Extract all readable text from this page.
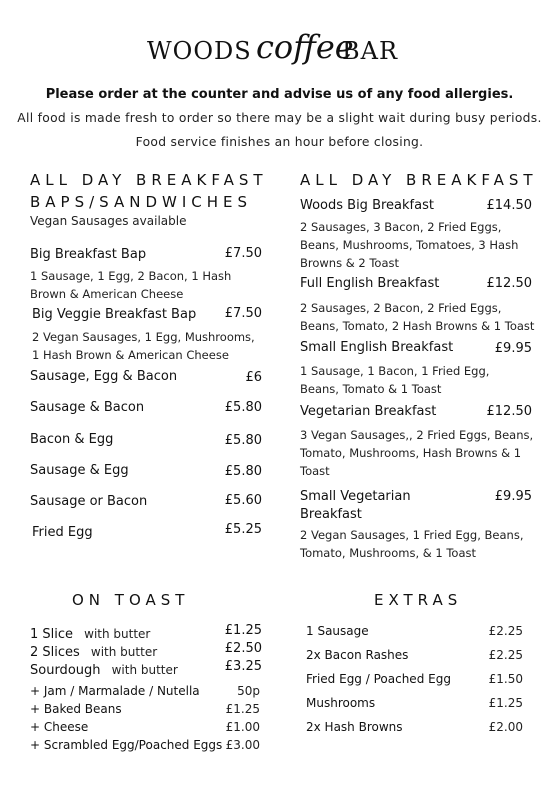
WOODS coffee
BAR
Please order at the counter and advise us of any food allergies.
All food is made fresh to order so there may be a slight wait during busy periods.
Food service finishes an hour before closing.
ALL DAY BREAKFAST
BAPS/SANDWICHES
Vegan Sausages available
Big Breakfast Bap	£7.50
1 Sausage, 1 Egg, 2 Bacon, 1 Hash Brown & American Cheese
Big Veggie Breakfast Bap	£7.50
2 Vegan Sausages, 1 Egg, Mushrooms, 1 Hash Brown & American Cheese
Sausage, Egg & Bacon	£6
Sausage & Bacon	£5.80
Bacon & Egg	£5.80
Sausage & Egg	£5.80
Sausage or Bacon	£5.60
Fried Egg	£5.25
ALL DAY BREAKFAST
Woods Big Breakfast	£14.50
2 Sausages, 3 Bacon, 2 Fried Eggs, Beans, Mushrooms, Tomatoes, 3 Hash Browns & 2 Toast
Full English Breakfast	£12.50
2 Sausages, 2 Bacon, 2 Fried Eggs, Beans, Tomato, 2 Hash Browns & 1 Toast
Small English Breakfast	£9.95
1 Sausage, 1 Bacon, 1 Fried Egg, Beans, Tomato & 1 Toast
Vegetarian Breakfast	£12.50
3 Vegan Sausages,, 2 Fried Eggs, Beans, Tomato, Mushrooms, Hash Browns & 1 Toast
Small Vegetarian Breakfast
£9.95
2 Vegan Sausages, 1 Fried Egg, Beans, Tomato, Mushrooms, & 1 Toast
ON TOAST
1 Slice with butter	£1.25
2 Slices with butter	£2.50
Sourdough with butter	£3.25
+ Jam / Marmalade / Nutella	50p
+ Baked Beans	£1.25
+ Cheese	£1.00
+ Scrambled Egg/Poached Eggs £3.00
EXTRAS
1 Sausage	£2.25
2x Bacon Rashes	£2.25
Fried Egg / Poached Egg	£1.50
Mushrooms	£1.25
2x Hash Browns	£2.00
